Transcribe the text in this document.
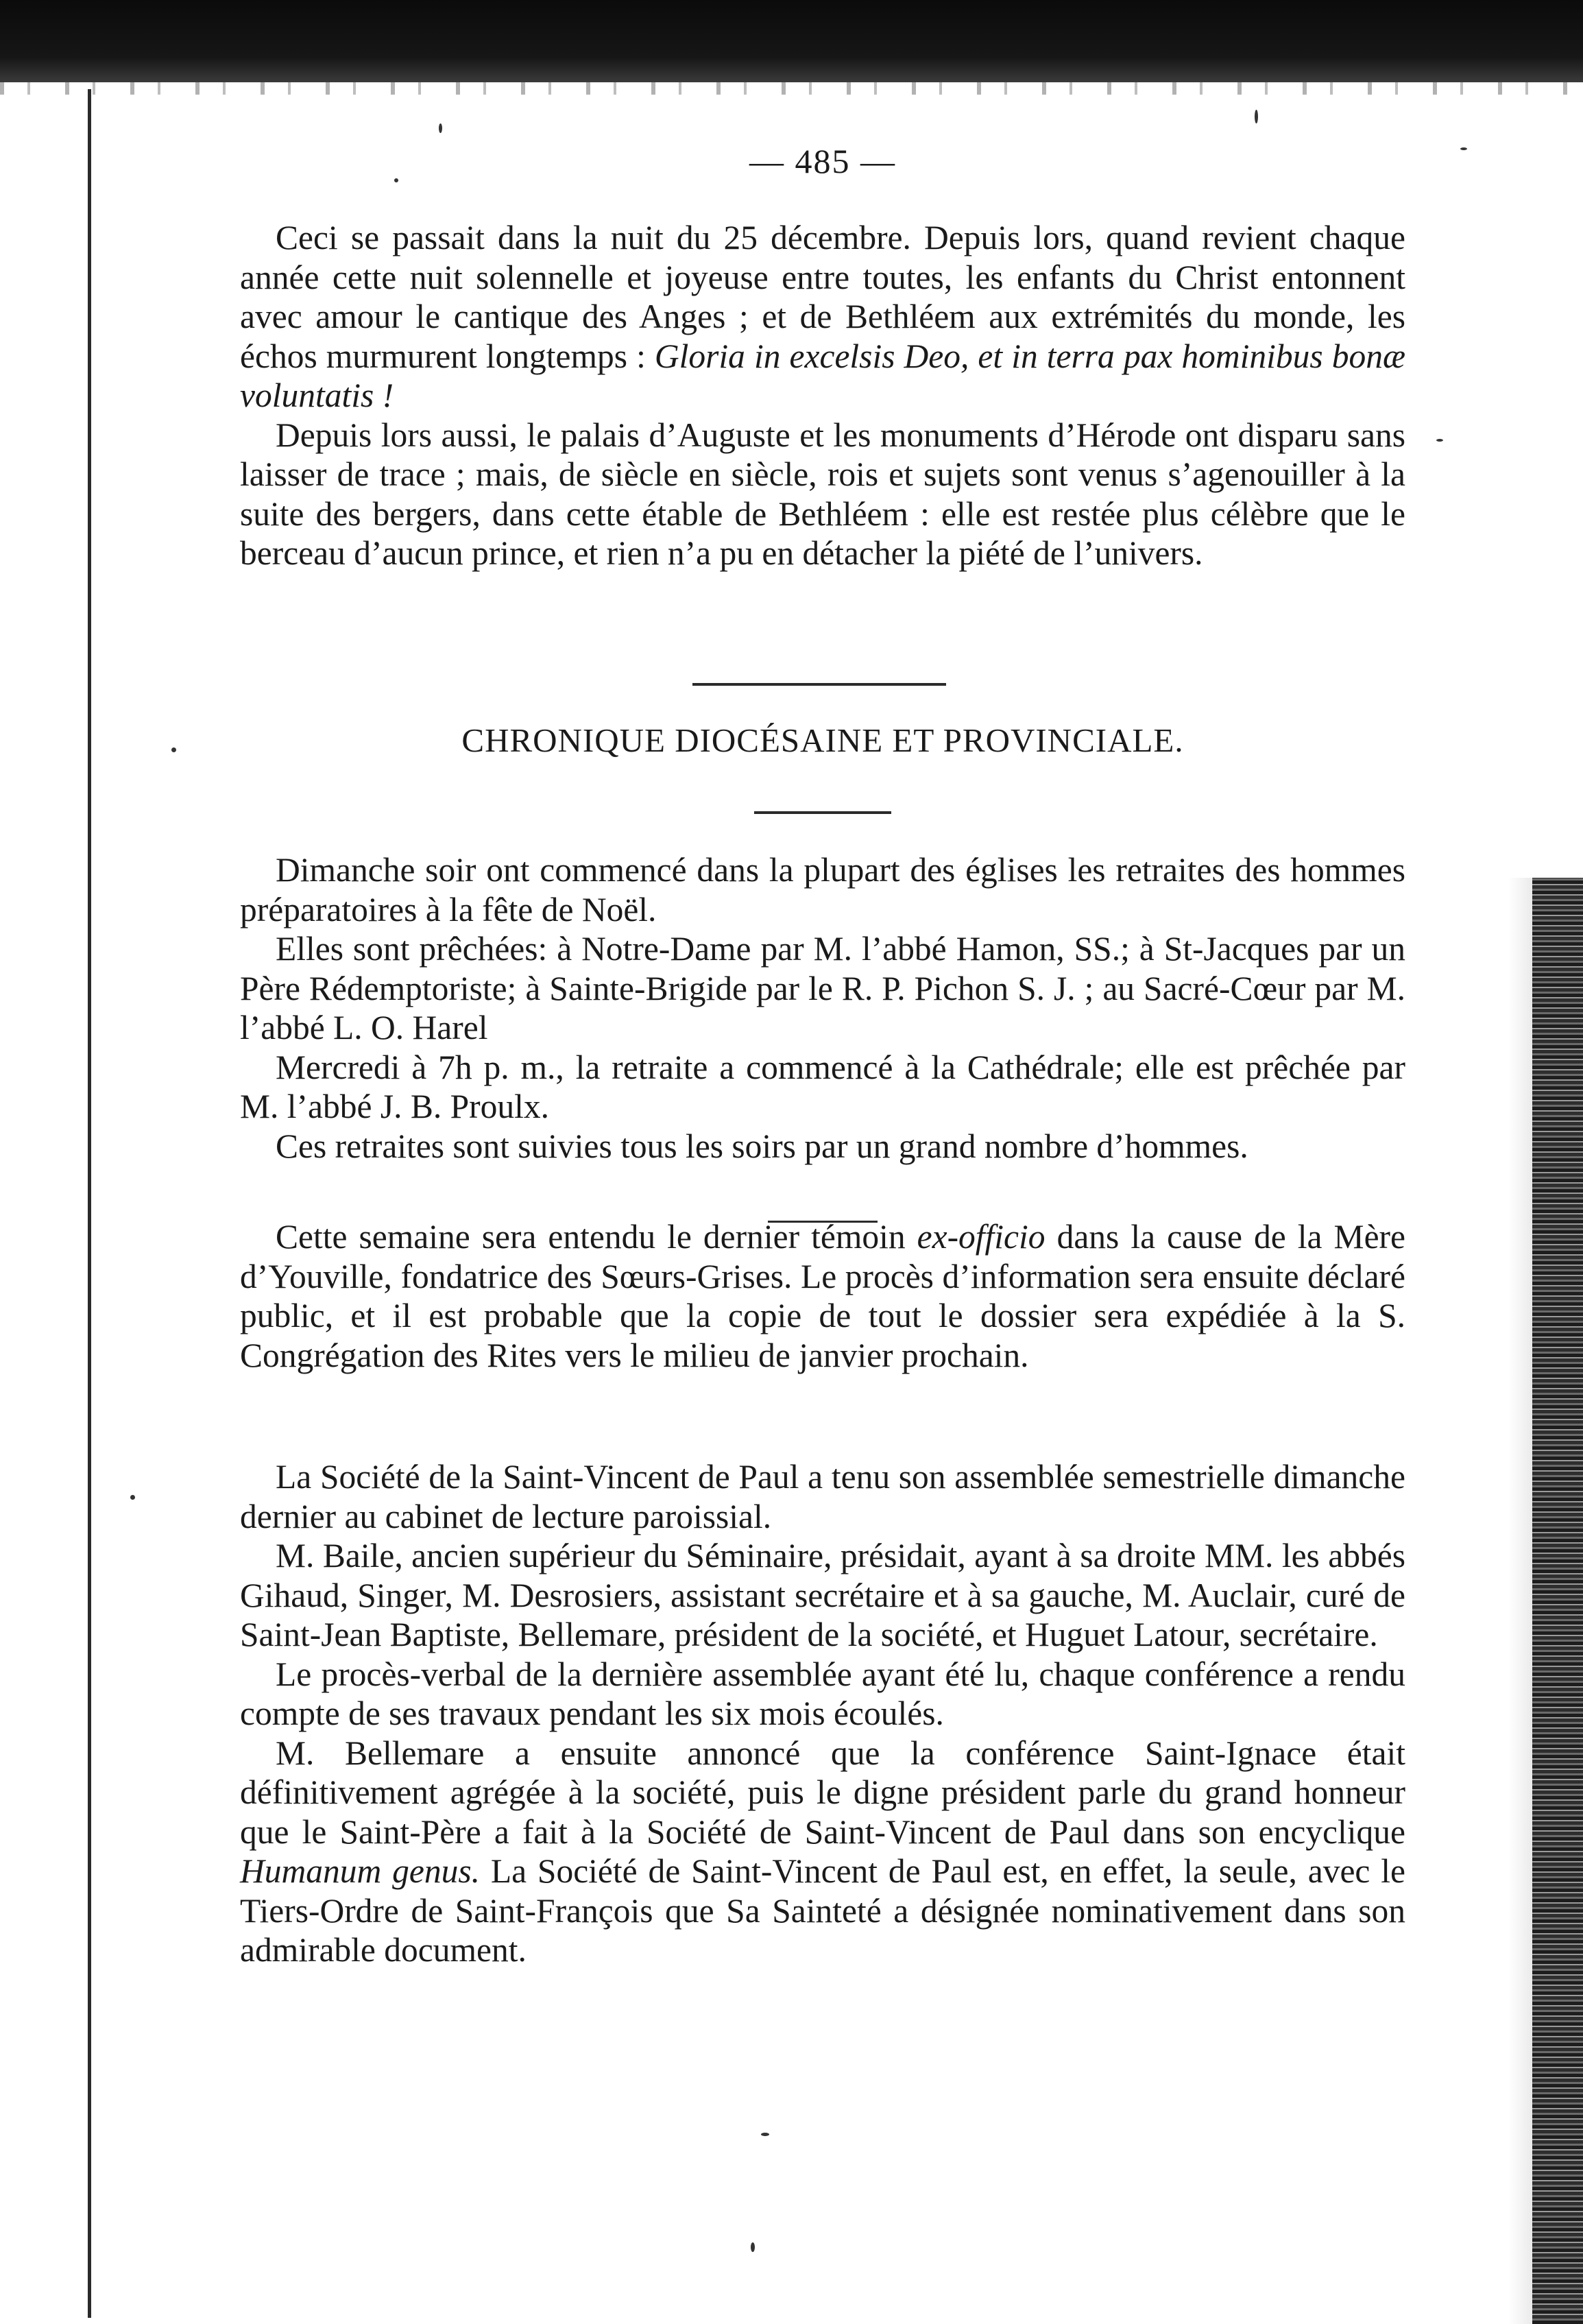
— 485 —

Ceci se passait dans la nuit du 25 décembre. Depuis lors, quand revient chaque année cette nuit solennelle et joyeuse entre toutes, les enfants du Christ entonnent avec amour le cantique des Anges ; et de Bethléem aux extrémités du monde, les échos murmurent longtemps : Gloria in excelsis Deo, et in terra pax hominibus bonæ voluntatis !

Depuis lors aussi, le palais d’Auguste et les monuments d’Hérode ont disparu sans laisser de trace ; mais, de siècle en siècle, rois et sujets sont venus s’agenouiller à la suite des bergers, dans cette étable de Bethléem : elle est restée plus célèbre que le berceau d’aucun prince, et rien n’a pu en détacher la piété de l’univers.

CHRONIQUE DIOCÉSAINE ET PROVINCIALE.

Dimanche soir ont commencé dans la plupart des églises les retraites des hommes préparatoires à la fête de Noël.

Elles sont prêchées: à Notre-Dame par M. l’abbé Hamon, SS.; à St-Jacques par un Père Rédemptoriste; à Sainte-Brigide par le R. P. Pichon S. J. ; au Sacré-Cœur par M. l’abbé L. O. Harel

Mercredi à 7h p. m., la retraite a commencé à la Cathédrale; elle est prêchée par M. l’abbé J. B. Proulx.

Ces retraites sont suivies tous les soirs par un grand nombre d’hommes.

Cette semaine sera entendu le dernier témoin ex-officio dans la cause de la Mère d’Youville, fondatrice des Sœurs-Grises. Le procès d’information sera ensuite déclaré public, et il est probable que la copie de tout le dossier sera expédiée à la S. Congrégation des Rites vers le milieu de janvier prochain.

La Société de la Saint-Vincent de Paul a tenu son assemblée semestrielle dimanche dernier au cabinet de lecture paroissial.

M. Baile, ancien supérieur du Séminaire, présidait, ayant à sa droite MM. les abbés Gihaud, Singer, M. Desrosiers, assistant secrétaire et à sa gauche, M. Auclair, curé de Saint-Jean Baptiste, Bellemare, président de la société, et Huguet Latour, secrétaire.

Le procès-verbal de la dernière assemblée ayant été lu, chaque conférence a rendu compte de ses travaux pendant les six mois écoulés.

M. Bellemare a ensuite annoncé que la conférence Saint-Ignace était définitivement agrégée à la société, puis le digne président parle du grand honneur que le Saint-Père a fait à la Société de Saint-Vincent de Paul dans son encyclique Humanum genus. La Société de Saint-Vincent de Paul est, en effet, la seule, avec le Tiers-Ordre de Saint-François que Sa Sainteté a désignée nominativement dans son admirable document.
